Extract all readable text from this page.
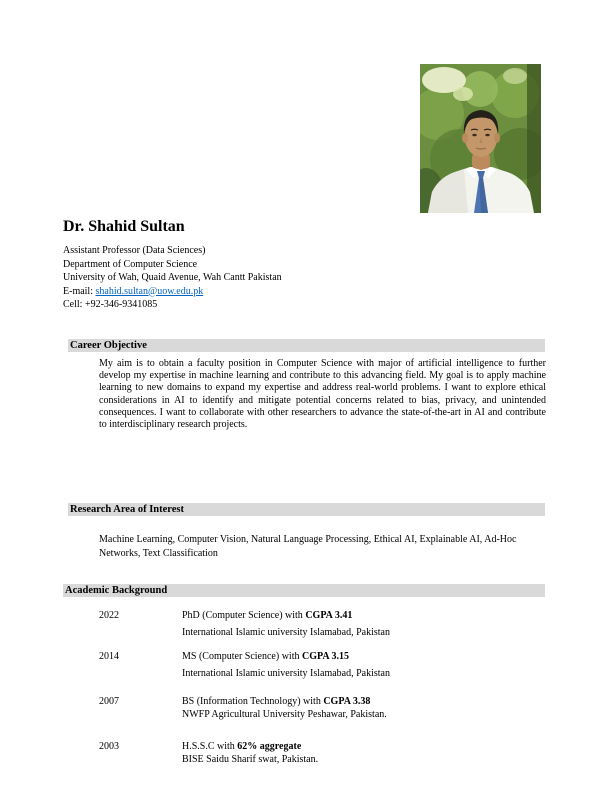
Dr. Shahid Sultan
Assistant Professor (Data Sciences)
Department of Computer Science
University of Wah, Quaid Avenue, Wah Cantt Pakistan
E-mail: shahid.sultan@uow.edu.pk
Cell: +92-346-9341085
Career Objective

My aim is to obtain a faculty position in Computer Science with major of artificial intelligence to further develop my expertise in machine learning and contribute to this advancing field. My goal is to apply machine learning to new domains to expand my expertise and address real-world problems. I want to explore ethical considerations in AI to identify and mitigate potential concerns related to bias, privacy, and unintended consequences. I want to collaborate with other researchers to advance the state-of-the-art in AI and contribute to interdisciplinary research projects.

Research Area of Interest

Machine Learning, Computer Vision, Natural Language Processing, Ethical AI, Explainable AI, Ad-Hoc Networks, Text Classification

Academic Background
2022	PhD (Computer Science) with CGPA 3.41
International Islamic university Islamabad, Pakistan
2014	MS (Computer Science) with CGPA 3.15
International Islamic university Islamabad, Pakistan
2007	BS (Information Technology) with CGPA 3.38
NWFP Agricultural University Peshawar, Pakistan.
2003	H.S.S.C with 62% aggregate
BISE Saidu Sharif swat, Pakistan.
